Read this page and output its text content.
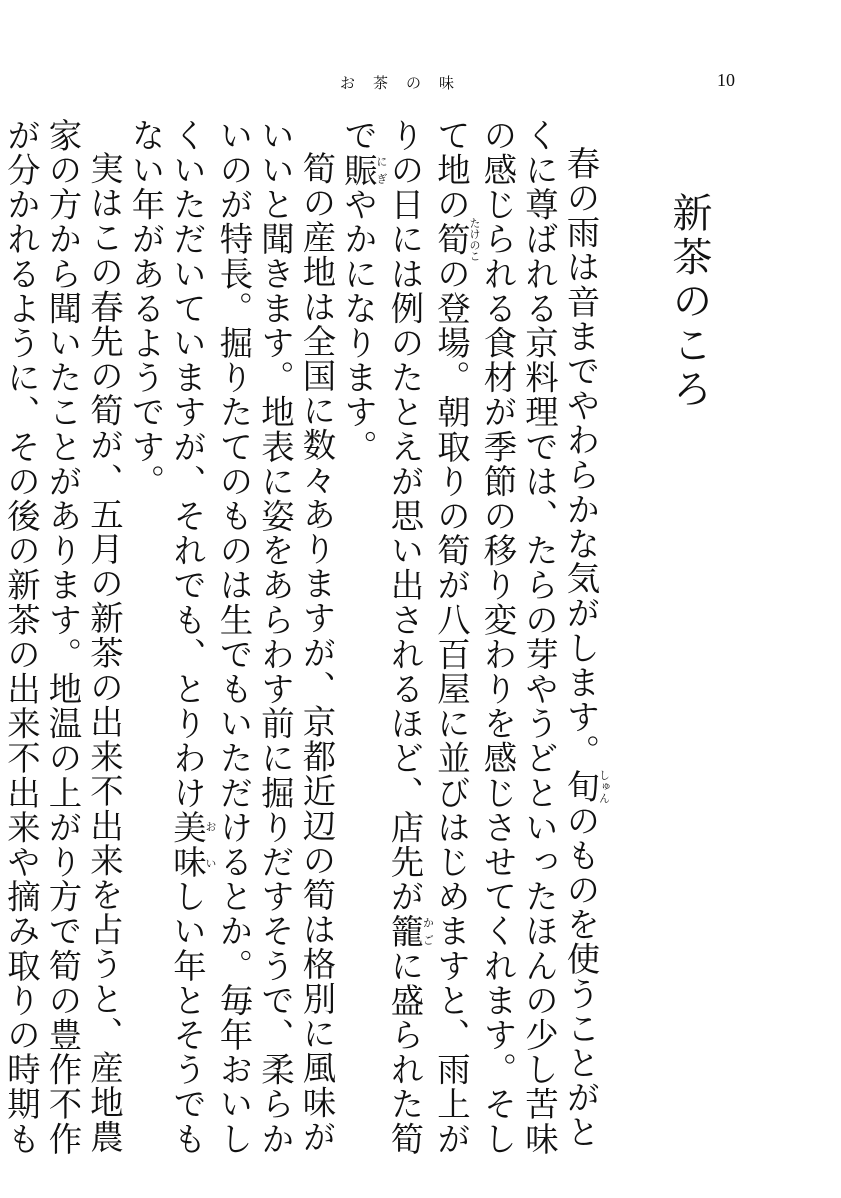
お茶の味	10
新茶のころ

春の雨は音までやわらかな気がします。旬しゅんのものを使うことがとくに尊ばれる京料理では、たらの芽やうどといったほんの少し苦味の感じられる食材が季節の移り変わりを感じさせてくれます。そして地の筍たけのこの登場。朝取りの筍が八百屋に並びはじめますと、雨上がりの日には例のたとえが思い出されるほど、店先が籠かごに盛られた筍で賑にぎやかになります。

筍の産地は全国に数々ありますが、京都近辺の筍は格別に風味がいいと聞きます。地表に姿をあらわす前に掘りだすそうで、柔らかいのが特長。掘りたてのものは生でもいただけるとか。毎年おいしくいただいていますが、それでも、とりわけ美味おいしい年とそうでもない年があるようです。

実はこの春先の筍が、五月の新茶の出来不出来を占うと、産地農家の方から聞いたことがあります。地温の上がり方で筍の豊作不作が分かれるように、その後の新茶の出来不出来や摘み取りの時期も
